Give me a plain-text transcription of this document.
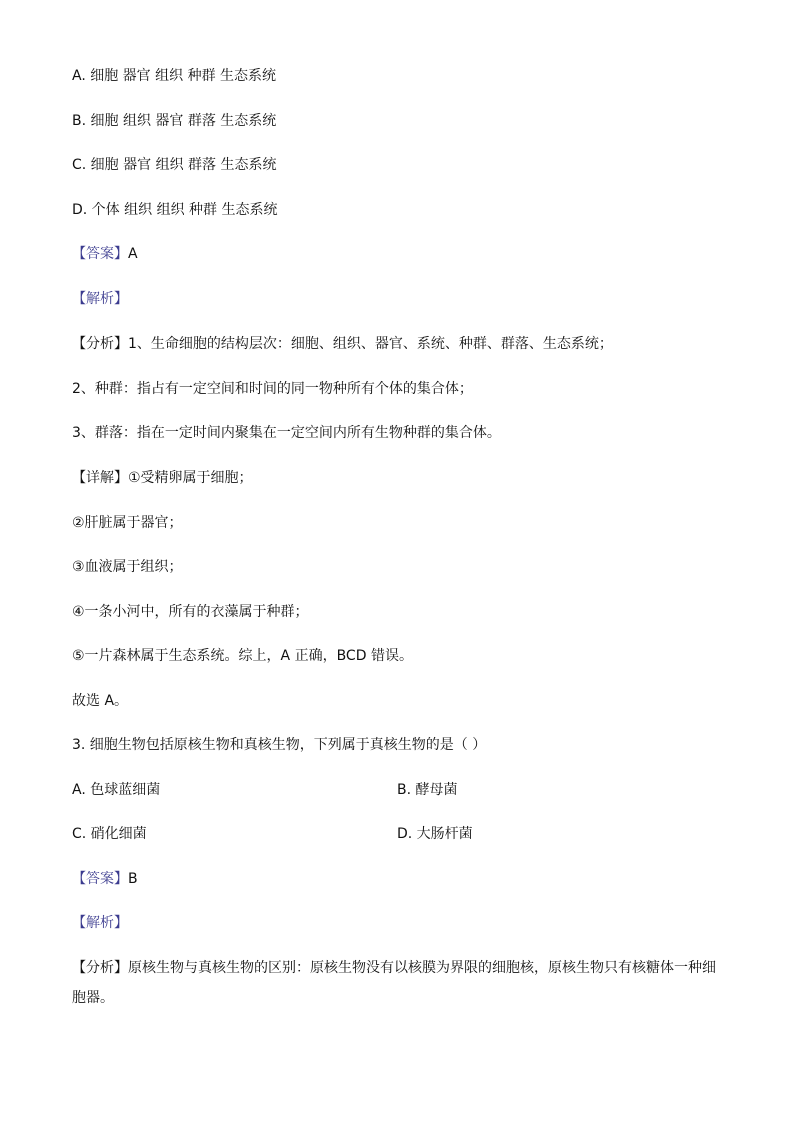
A. 细胞 器官 组织 种群 生态系统
B. 细胞 组织 器官 群落 生态系统
C. 细胞 器官 组织 群落 生态系统
D. 个体 组织 组织 种群 生态系统
【答案】A
【解析】
【分析】1、生命细胞的结构层次：细胞、组织、器官、系统、种群、群落、生态系统；
2、种群：指占有一定空间和时间的同一物种所有个体的集合体；
3、群落：指在一定时间内聚集在一定空间内所有生物种群的集合体。
【详解】①受精卵属于细胞；
②肝脏属于器官；
③血液属于组织；
④一条小河中，所有的衣藻属于种群；
⑤一片森林属于生态系统。综上，A 正确，BCD 错误。
故选 A。
3. 细胞生物包括原核生物和真核生物，下列属于真核生物的是（ ）
A. 色球蓝细菌	B. 酵母菌
C. 硝化细菌	D. 大肠杆菌
【答案】B
【解析】
【分析】原核生物与真核生物的区别：原核生物没有以核膜为界限的细胞核，原核生物只有核糖体一种细胞器。
